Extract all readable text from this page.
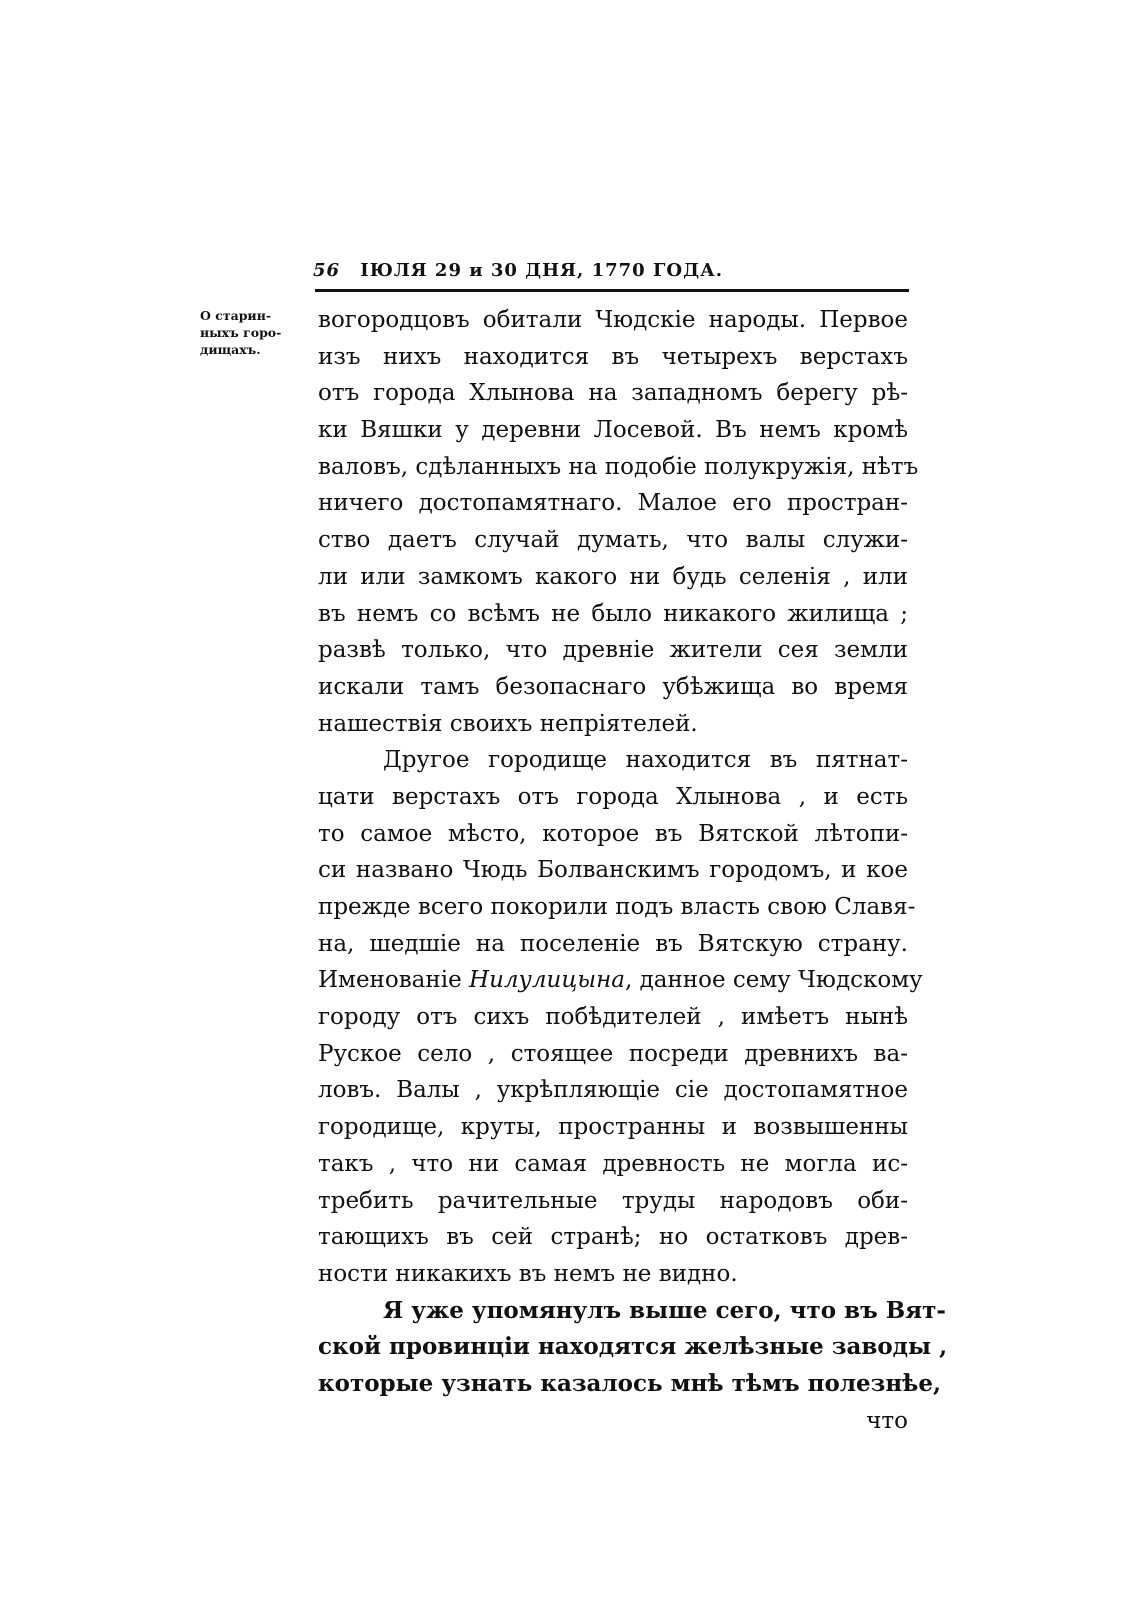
56 ІЮЛЯ 29 и 30 ДНЯ, 1770 ГОДА.
О старин-
ныхъ горо-
дищахъ.
вогородцовъ обитали Чюдскіе народы. Первое
изъ нихъ находится въ четырехъ верстахъ
отъ города Хлынова на западномъ берегу рѣ-
ки Вяшки у деревни Лосевой. Въ немъ кромѣ
валовъ, сдѣланныхъ на подобіе полукружія, нѣтъ
ничего достопамятнаго. Малое его простран-
ство даетъ случай думать, что валы служи-
ли или замкомъ какого ни будь селенія , или
въ немъ со всѣмъ не было никакого жилища ;
развѣ только, что древніе жители сея земли
искали тамъ безопаснаго убѣжища во время
нашествія своихъ непріятелей.
Другое городище находится въ пятнат-
цати верстахъ отъ города Хлынова , и есть
то самое мѣсто, которое въ Вятской лѣтопи-
си названо Чюдь Болванскимъ городомъ, и кое
прежде всего покорили подъ власть свою Славя-
на, шедшіе на поселеніе въ Вятскую страну.
Именованіе Нилулицына, данное сему Чюдскому
городу отъ сихъ побѣдителей , имѣетъ нынѣ
Руское село , стоящее посреди древнихъ ва-
ловъ. Валы , укрѣпляющіе сіе достопамятное
городище, круты, пространны и возвышенны
такъ , что ни самая древность не могла ис-
требить рачительные труды народовъ оби-
тающихъ въ сей странѣ; но остатковъ древ-
ности никакихъ въ немъ не видно.
Я уже упомянулъ выше сего, что въ Вят-
ской провинціи находятся желѣзные заводы ,
которые узнать казалось мнѣ тѣмъ полезнѣе,
что
